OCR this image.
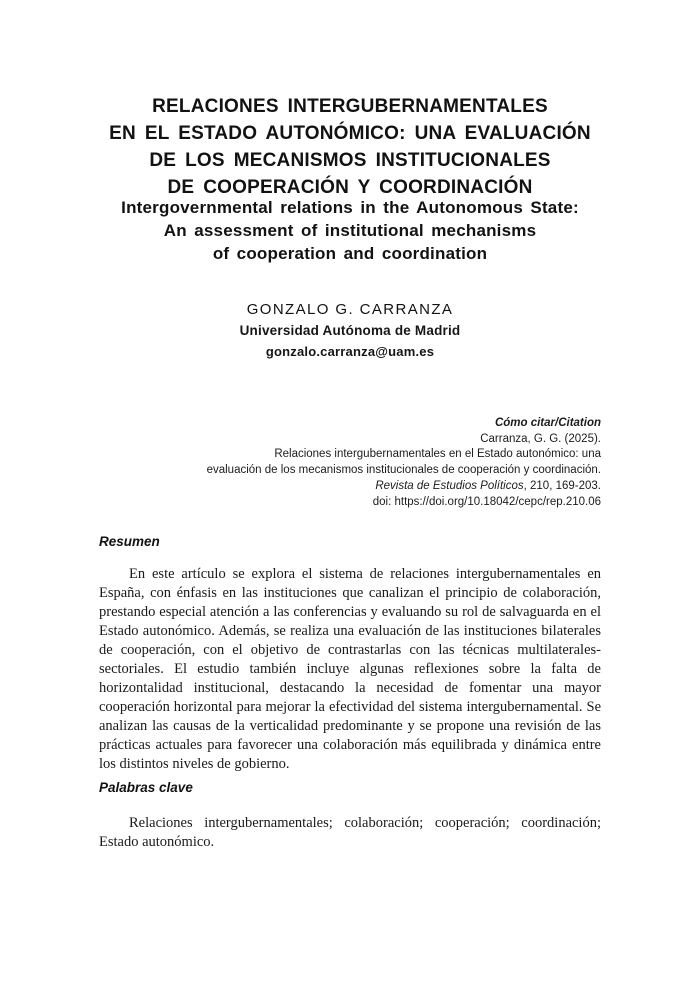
RELACIONES INTERGUBERNAMENTALES
EN EL ESTADO AUTONÓMICO: UNA EVALUACIÓN
DE LOS MECANISMOS INSTITUCIONALES
DE COOPERACIÓN Y COORDINACIÓN
Intergovernmental relations in the Autonomous State:
An assessment of institutional mechanisms
of cooperation and coordination
GONZALO G. CARRANZA
Universidad Autónoma de Madrid
gonzalo.carranza@uam.es
Cómo citar/Citation
Carranza, G. G. (2025).
Relaciones intergubernamentales en el Estado autonómico: una
evaluación de los mecanismos institucionales de cooperación y coordinación.
Revista de Estudios Políticos, 210, 169-203.
doi: https://doi.org/10.18042/cepc/rep.210.06
Resumen

En este artículo se explora el sistema de relaciones intergubernamentales en España, con énfasis en las instituciones que canalizan el principio de colaboración, prestando especial atención a las conferencias y evaluando su rol de salvaguarda en el Estado autonómico. Además, se realiza una evaluación de las instituciones bilaterales de cooperación, con el objetivo de contrastarlas con las técnicas multilaterales-sectoriales. El estudio también incluye algunas reflexiones sobre la falta de horizontalidad institucional, destacando la necesidad de fomentar una mayor cooperación horizontal para mejorar la efectividad del sistema intergubernamental. Se analizan las causas de la verticalidad predominante y se propone una revisión de las prácticas actuales para favorecer una colaboración más equilibrada y dinámica entre los distintos niveles de gobierno.

Palabras clave

Relaciones intergubernamentales; colaboración; cooperación; coordinación; Estado autonómico.
